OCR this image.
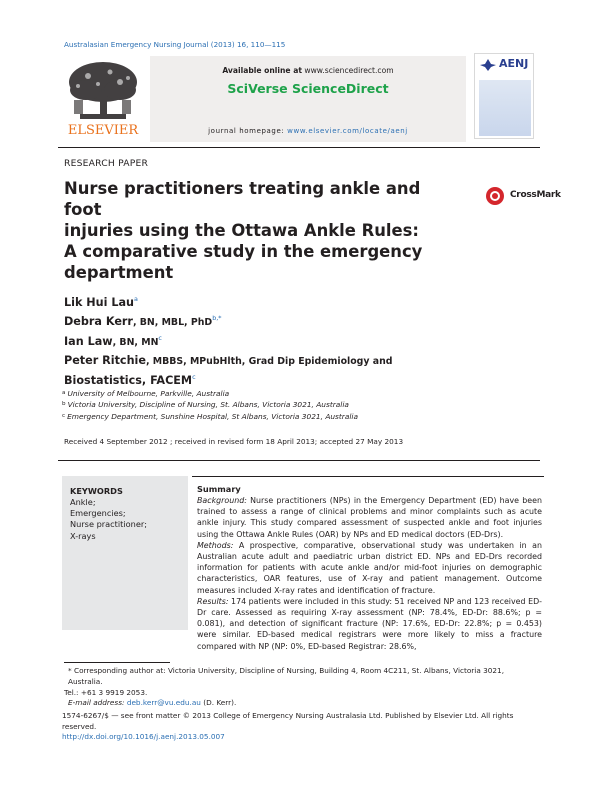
Australasian Emergency Nursing Journal (2013) 16, 110—115
ELSEVIER
Available online at www.sciencedirect.com
SciVerse ScienceDirect
journal homepage: www.elsevier.com/locate/aenj
AENJ
RESEARCH PAPER
Nurse practitioners treating ankle and foot
injuries using the Ottawa Ankle Rules:
A comparative study in the emergency
department
CrossMark
Lik Hui Lau$^a$
Debra Kerr, BN, MBL, PhD$^{b,*}$
Ian Law, BN, $MN^c$
Peter Ritchie, MBBS, MPubHlth, Grad Dip Epidemiology and
Biostatistics, FACEM$^c$
$^a$ University of Melbourne, Parkville, Australia
$^b$ Victoria University, Discipline of Nursing, St. Albans, Victoria 3021, Australia
$^c$ Emergency Department, Sunshine Hospital, St Albans, Victoria 3021, Australia
Received 4 September 2012 ; received in revised form 18 April 2013; accepted 27 May 2013
KEYWORDS
Ankle;
Emergencies;
Nurse practitioner;
X-rays
Summary
Background: Nurse practitioners (NPs) in the Emergency Department (ED) have been trained to assess a range of clinical problems and minor complaints such as acute ankle injury. This study compared assessment of suspected ankle and foot injuries using the Ottawa Ankle Rules (OAR) by NPs and ED medical doctors (ED-Drs).
Methods: A prospective, comparative, observational study was undertaken in an Australian acute adult and paediatric urban district ED. NPs and ED-Drs recorded information for patients with acute ankle and/or mid-foot injuries on demographic characteristics, OAR features, use of X-ray and patient management. Outcome measures included X-ray rates and identification of fracture.
Results: 174 patients were included in this study: 51 received NP and 123 received ED-Dr care. Assessed as requiring X-ray assessment (NP: 78.4%, ED-Dr: 88.6%; p = 0.081), and detection of significant fracture (NP: 17.6%, ED-Dr: 22.8%; p = 0.453) were similar. ED-based medical registrars were more likely to miss a fracture compared with NP (NP: 0%, ED-based Registrar: 28.6%,
* Corresponding author at: Victoria University, Discipline of Nursing, Building 4, Room 4C211, St. Albans, Victoria 3021, Australia.
Tel.: +61 3 9919 2053.
E-mail address: deb.kerr@vu.edu.au (D. Kerr).
1574-6267/$ — see front matter © 2013 College of Emergency Nursing Australasia Ltd. Published by Elsevier Ltd. All rights reserved.
http://dx.doi.org/10.1016/j.aenj.2013.05.007
